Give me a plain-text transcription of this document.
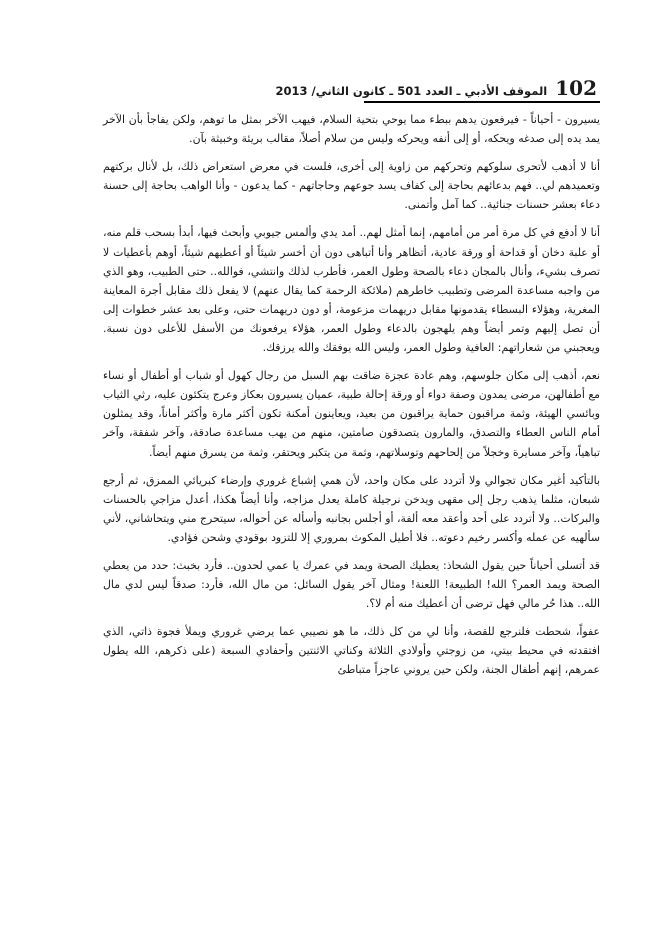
102
الموقف الأدبي ـ العدد 501 ـ كانون الثاني/ 2013

يسيرون - أحياناً - فيرفعون يدهم ببطء مما يوحي بتحية السلام، فيهب الآخر بمثل ما توهم، ولكن يفاجأ بأن الآخر يمد يده إلى صدغه ويحكه، أو إلى أنفه ويحركه وليس من سلام أصلاً، مقالب بريئة وخبيثة بآن.

أنا لا أذهب لأتحرى سلوكهم وتحركهم من زاوية إلى أخرى، فلست في معرض استعراض ذلك، بل لأنال بركتهم وتعميدهم لي.. فهم بدعائهم بحاجة إلى كفاف يسد جوعهم وحاجاتهم - كما يدعون - وأنا الواهب بحاجة إلى حسنة دعاء بعشر حسنات جنائية.. كما آمل وأتمنى.

أنا لا أدفع في كل مرة أمر من أمامهم، إنما أمثل لهم.. أمد يدي وألمس جيوبي وأبحث فيها، أبدأ بسحب قلم منه، أو علبة دخان أو قداحة أو ورقة عادية، أتظاهر وأنا أتباهى دون أن أخسر شيئاً أو أعطيهم شيئاً، أوهم بأعطيات لا تصرف بشيء، وأنال بالمجان دعاء بالصحة وطول العمر، فأطرب لذلك وانتشي، فوالله.. حتى الطبيب، وهو الذي من واجبه مساعدة المرضى وتطبيب خاطرهم (ملائكة الرحمة كما يقال عنهم) لا يفعل ذلك مقابل أجرة المعاينة المغرية، وهؤلاء البسطاء يقدمونها مقابل دريهمات مزعومة، أو دون دريهمات حتى، وعلى بعد عشر خطوات إلى أن تصل إليهم وتمر أيضاً وهم يلهجون بالدعاء وطول العمر، هؤلاء يرفعونك من الأسفل للأعلى دون نسبة. ويعجبني من شعاراتهم: العافية وطول العمر، وليس الله يوفقك والله يرزقك.

نعم، أذهب إلى مكان جلوسهم، وهم عادة عجزة ضاقت بهم السبل من رجال كهول أو شباب أو أطفال أو نساء مع أطفالهن، مرضى يمدون وصفة دواء أو ورقة إحالة طبية، عميان يسيرون بعكاز وعرج يتكئون عليه، رثي الثياب وبائسي الهيئة، وثمة مراقبون حماية يراقبون من بعيد، ويعاينون أمكنة تكون أكثر مارة وأكثر أماناً، وقد يمثلون أمام الناس العطاء والتصدق، والمارون يتصدقون صامتين، منهم من يهب مساعدة صادقة، وآخر شفقة، وآخر تباهياً، وآخر مسايرة وخجلاً من إلحاحهم وتوسلاتهم، وثمة من يتكبر ويحتقر، وثمة من يسرق منهم أيضاً.

بالتأكيد أغير مكان تجوالي ولا أتردد على مكان واحد، لأن همي إشباع غروري وإرضاء كبريائي الممزق، ثم أرجع شبعان، مثلما يذهب رجل إلى مقهى ويدخن نرجيلة كاملة يعدل مزاجه، وأنا أيضاً هكذا، أعدل مزاجي بالحسنات والبركات.. ولا أتردد على أحد وأعقد معه ألفة، أو أجلس بجانبه وأسأله عن أحواله، سيتحرج مني ويتحاشاني، لأني سألهيه عن عمله وأكسر رخيم دعوته.. فلا أطيل المكوث بمروري إلا للتزود بوقودي وشحن فؤادي.

قد أتسلى أحياناً حين يقول الشحاذ: يعطيك الصحة ويمد في عمرك يا عمي لحدون.. فأرد بخبث: حدد من يعطي الصحة ويمد العمر؟ الله! الطبيعة! اللعنة! ومثال آخر يقول السائل: من مال الله، فأرد: صدقاً ليس لدي مال الله.. هذا حُر مالي فهل ترضى أن أعطيك منه أم لا؟.

عفواً، شحطت فلنرجع للقصة، وأنا لي من كل ذلك، ما هو نصيبي عما يرضي غروري ويملأ فجوة ذاتي، الذي افتقدته في محيط بيتي، من زوجتي وأولادي الثلاثة وكناتي الاثنتين وأحفادي السبعة (على ذكرهم، الله يطول عمرهم، إنهم أطفال الجنة، ولكن حين يروني عاجزاً متباطئ
